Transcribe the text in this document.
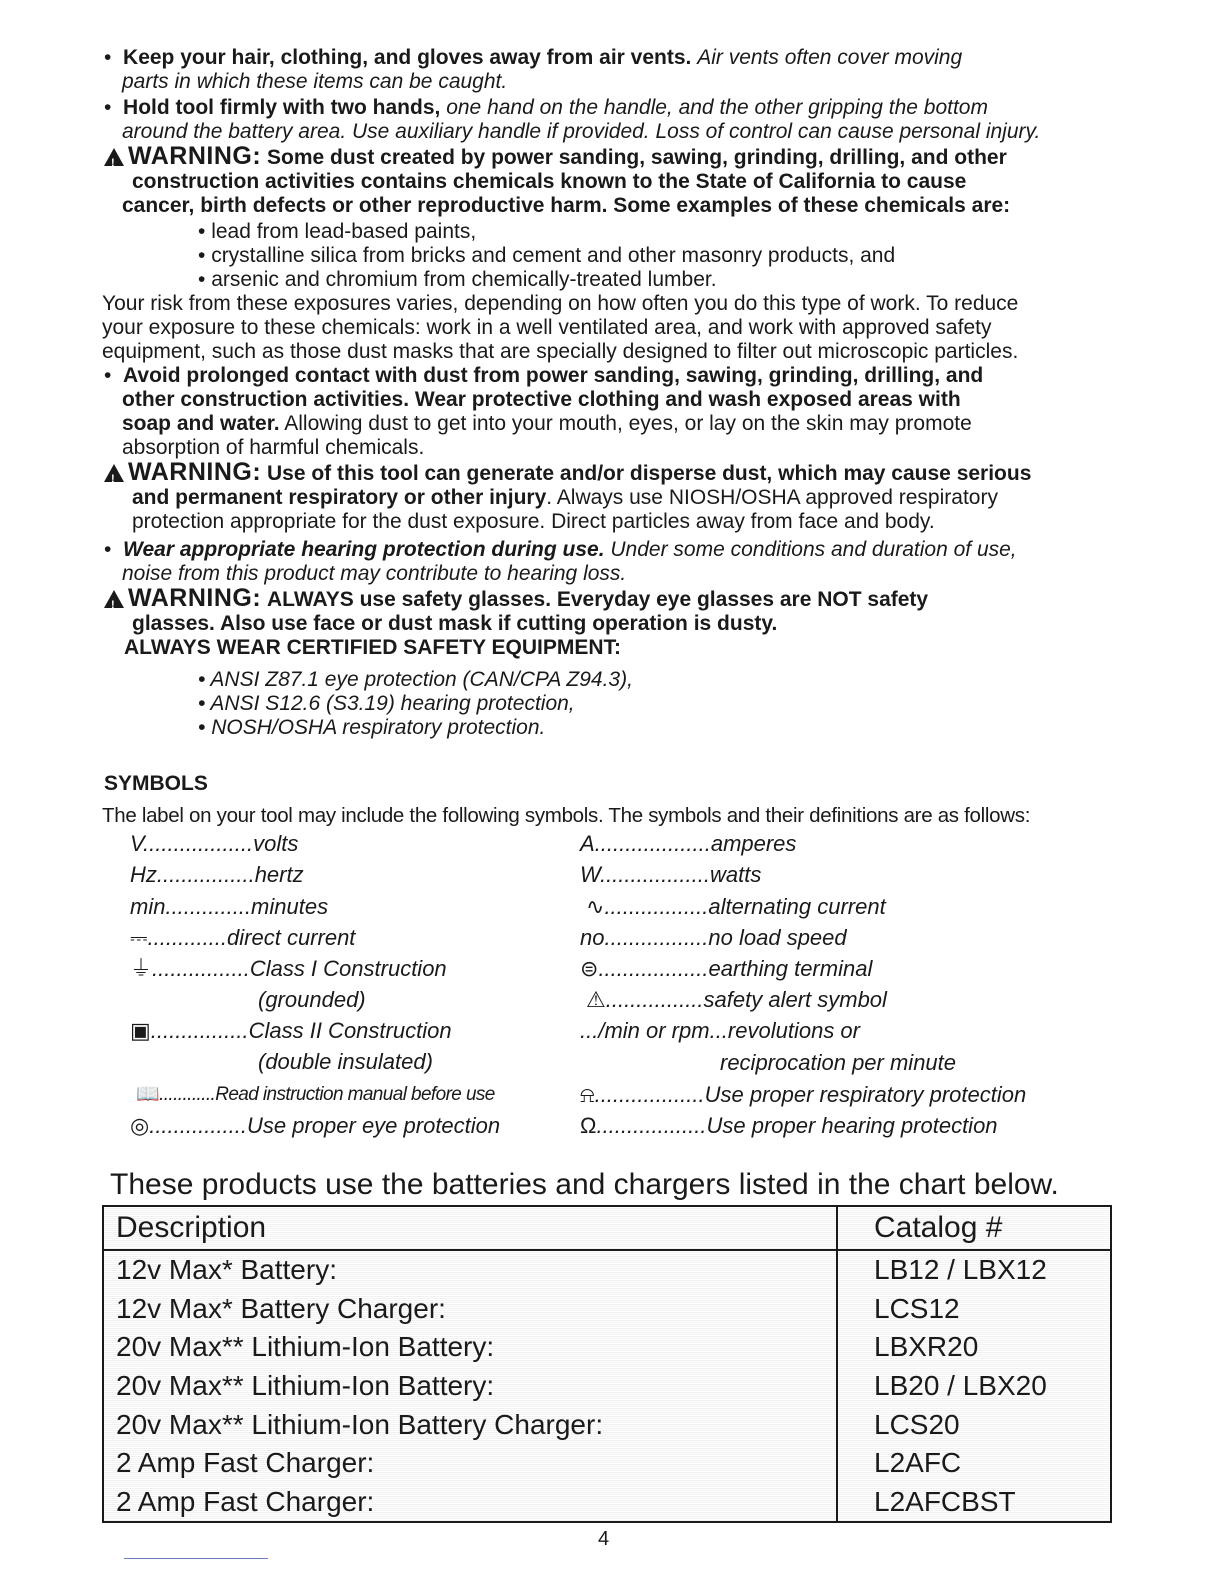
•  Keep your hair, clothing, and gloves away from air vents. Air vents often cover moving
parts in which these items can be caught.
•  Hold tool firmly with two hands, one hand on the handle, and the other gripping the bottom
around the battery area. Use auxiliary handle if provided. Loss of control can cause personal injury.
!WARNING: Some dust created by power sanding, sawing, grinding, drilling, and other
construction activities contains chemicals known to the State of California to cause
cancer, birth defects or other reproductive harm. Some examples of these chemicals are:
• lead from lead-based paints,
• crystalline silica from bricks and cement and other masonry products, and
• arsenic and chromium from chemically-treated lumber.
Your risk from these exposures varies, depending on how often you do this type of work. To reduce
your exposure to these chemicals: work in a well ventilated area, and work with approved safety
equipment, such as those dust masks that are specially designed to filter out microscopic particles.
•  Avoid prolonged contact with dust from power sanding, sawing, grinding, drilling, and
other construction activities. Wear protective clothing and wash exposed areas with
soap and water. Allowing dust to get into your mouth, eyes, or lay on the skin may promote
absorption of harmful chemicals.
!WARNING: Use of this tool can generate and/or disperse dust, which may cause serious
and permanent respiratory or other injury. Always use NIOSH/OSHA approved respiratory
protection appropriate for the dust exposure. Direct particles away from face and body.
•  Wear appropriate hearing protection during use. Under some conditions and duration of use,
noise from this product may contribute to hearing loss.
!WARNING: ALWAYS use safety glasses. Everyday eye glasses are NOT safety
glasses. Also use face or dust mask if cutting operation is dusty.
ALWAYS WEAR CERTIFIED SAFETY EQUIPMENT:
• ANSI Z87.1 eye protection (CAN/CPA Z94.3),
• ANSI S12.6 (S3.19) hearing protection,
• NOSH/OSHA respiratory protection.
SYMBOLS
The label on your tool may include the following symbols. The symbols and their definitions are as follows:
V..................volts
Hz................hertz
min..............minutes
⎓.............direct current
⏚................Class I Construction
(grounded)
▣................Class II Construction
(double insulated)
📖............Read instruction manual before use
◎................Use proper eye protection
A...................amperes
W..................watts
∿.................alternating current
no.................no load speed
⊜..................earthing terminal
⚠................safety alert symbol
.../min or rpm...revolutions or
reciprocation per minute
⍾..................Use proper respiratory protection
Ω..................Use proper hearing protection
These products use the batteries and chargers listed in the chart below.
Description	Catalog #
12v Max* Battery:	LB12 / LBX12
12v Max* Battery Charger:	LCS12
20v Max** Lithium-Ion Battery:	LBXR20
20v Max** Lithium-Ion Battery:	LB20 / LBX20
20v Max** Lithium-Ion Battery Charger:	LCS20
2 Amp Fast Charger:	L2AFC
2 Amp Fast Charger:	L2AFCBST
4
